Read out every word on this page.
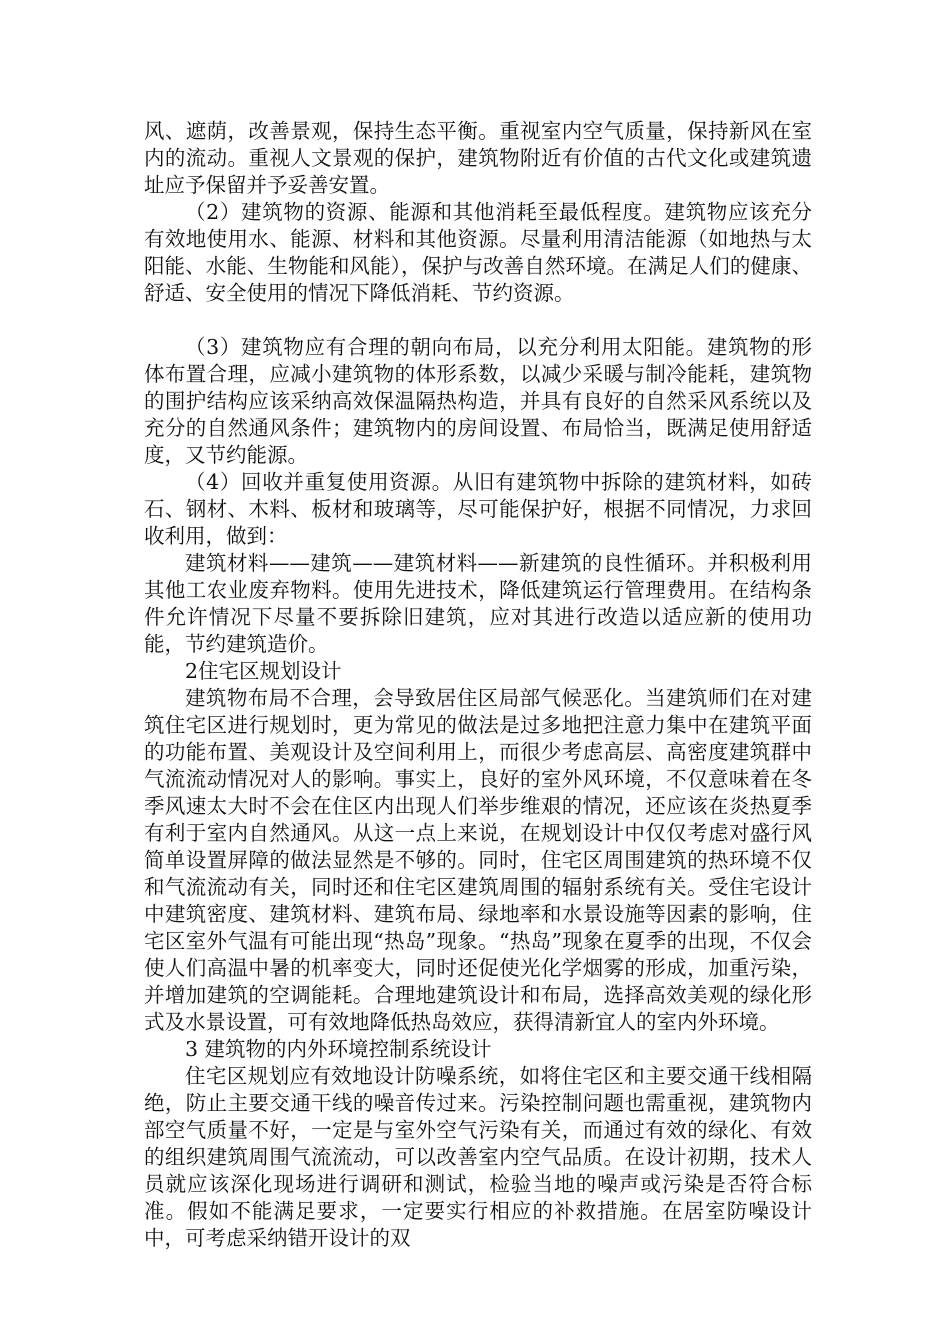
风、遮荫，改善景观，保持生态平衡。重视室内空气质量，保持新风在室内的流动。重视人文景观的保护，建筑物附近有价值的古代文化或建筑遗址应予保留并予妥善安置。

（2）建筑物的资源、能源和其他消耗至最低程度。建筑物应该充分有效地使用水、能源、材料和其他资源。尽量利用清洁能源（如地热与太阳能、水能、生物能和风能），保护与改善自然环境。在满足人们的健康、舒适、安全使用的情况下降低消耗、节约资源。

（3）建筑物应有合理的朝向布局，以充分利用太阳能。建筑物的形体布置合理，应减小建筑物的体形系数，以减少采暖与制冷能耗，建筑物的围护结构应该采纳高效保温隔热构造，并具有良好的自然采风系统以及充分的自然通风条件；建筑物内的房间设置、布局恰当，既满足使用舒适度，又节约能源。

（4）回收并重复使用资源。从旧有建筑物中拆除的建筑材料，如砖石、钢材、木料、板材和玻璃等，尽可能保护好，根据不同情况，力求回收利用，做到：

建筑材料——建筑——建筑材料——新建筑的良性循环。并积极利用其他工农业废弃物料。使用先进技术，降低建筑运行管理费用。在结构条件允许情况下尽量不要拆除旧建筑，应对其进行改造以适应新的使用功能，节约建筑造价。

2住宅区规划设计

建筑物布局不合理，会导致居住区局部气候恶化。当建筑师们在对建筑住宅区进行规划时，更为常见的做法是过多地把注意力集中在建筑平面的功能布置、美观设计及空间利用上，而很少考虑高层、高密度建筑群中气流流动情况对人的影响。事实上，良好的室外风环境，不仅意味着在冬季风速太大时不会在住区内出现人们举步维艰的情况，还应该在炎热夏季有利于室内自然通风。从这一点上来说，在规划设计中仅仅考虑对盛行风简单设置屏障的做法显然是不够的。同时，住宅区周围建筑的热环境不仅和气流流动有关，同时还和住宅区建筑周围的辐射系统有关。受住宅设计中建筑密度、建筑材料、建筑布局、绿地率和水景设施等因素的影响，住宅区室外气温有可能出现“热岛”现象。“热岛”现象在夏季的出现，不仅会使人们高温中暑的机率变大，同时还促使光化学烟雾的形成，加重污染，并增加建筑的空调能耗。合理地建筑设计和布局，选择高效美观的绿化形式及水景设置，可有效地降低热岛效应，获得清新宜人的室内外环境。

3 建筑物的内外环境控制系统设计

住宅区规划应有效地设计防噪系统，如将住宅区和主要交通干线相隔绝，防止主要交通干线的噪音传过来。污染控制问题也需重视，建筑物内部空气质量不好，一定是与室外空气污染有关，而通过有效的绿化、有效的组织建筑周围气流流动，可以改善室内空气品质。在设计初期，技术人员就应该深化现场进行调研和测试，检验当地的噪声或污染是否符合标准。假如不能满足要求，一定要实行相应的补救措施。在居室防噪设计中，可考虑采纳错开设计的双
